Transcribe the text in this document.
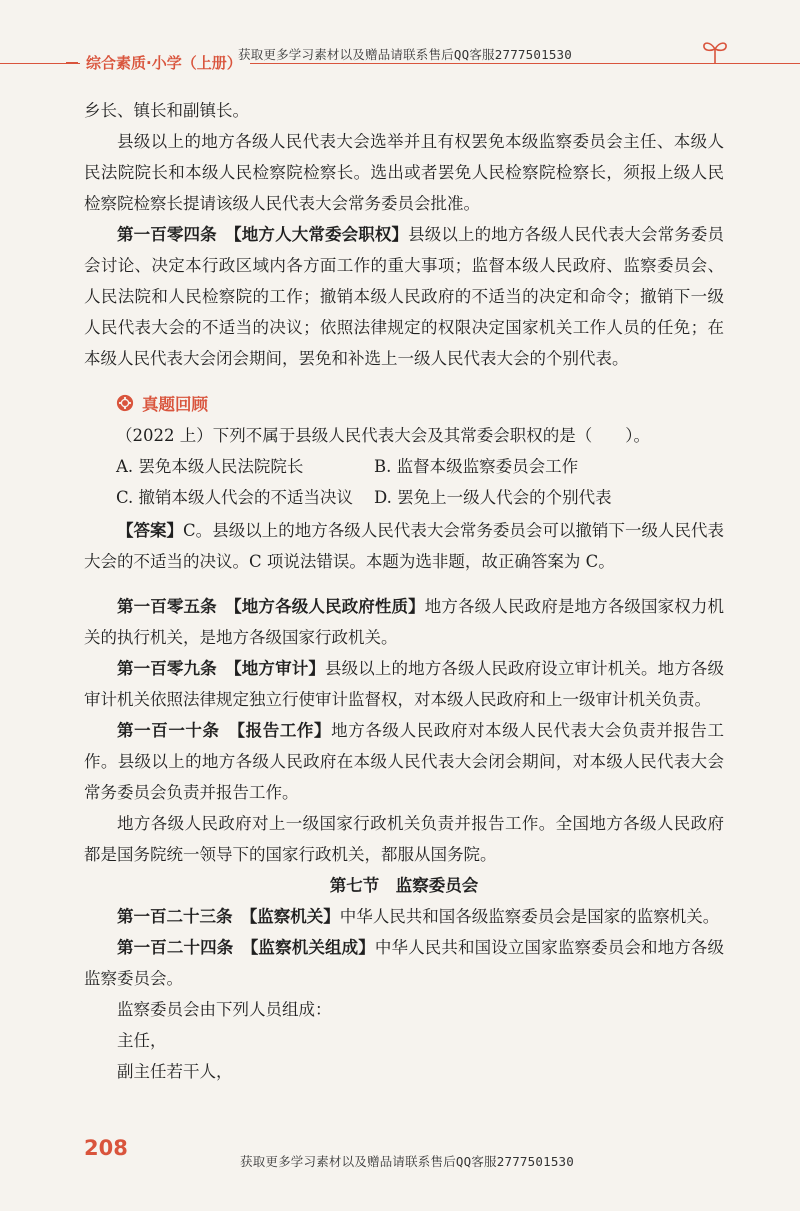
综合素质·小学（上册）
获取更多学习素材以及赠品请联系售后QQ客服2777501530

乡长、镇长和副镇长。

县级以上的地方各级人民代表大会选举并且有权罢免本级监察委员会主任、本级人民法院院长和本级人民检察院检察长。选出或者罢免人民检察院检察长，须报上级人民检察院检察长提请该级人民代表大会常务委员会批准。

第一百零四条　【地方人大常委会职权】县级以上的地方各级人民代表大会常务委员会讨论、决定本行政区域内各方面工作的重大事项；监督本级人民政府、监察委员会、人民法院和人民检察院的工作；撤销本级人民政府的不适当的决定和命令；撤销下一级人民代表大会的不适当的决议；依照法律规定的权限决定国家机关工作人员的任免；在本级人民代表大会闭会期间，罢免和补选上一级人民代表大会的个别代表。

真题回顾

（2022 上）下列不属于县级人民代表大会及其常委会职权的是（　　）。

A. 罢免本级人民法院院长	B. 监督本级监察委员会工作
C. 撤销本级人代会的不适当决议	D. 罢免上一级人代会的个别代表

【答案】C。县级以上的地方各级人民代表大会常务委员会可以撤销下一级人民代表大会的不适当的决议。C 项说法错误。本题为选非题，故正确答案为 C。

第一百零五条　【地方各级人民政府性质】地方各级人民政府是地方各级国家权力机关的执行机关，是地方各级国家行政机关。

第一百零九条　【地方审计】县级以上的地方各级人民政府设立审计机关。地方各级审计机关依照法律规定独立行使审计监督权，对本级人民政府和上一级审计机关负责。

第一百一十条　【报告工作】地方各级人民政府对本级人民代表大会负责并报告工作。县级以上的地方各级人民政府在本级人民代表大会闭会期间，对本级人民代表大会常务委员会负责并报告工作。

地方各级人民政府对上一级国家行政机关负责并报告工作。全国地方各级人民政府都是国务院统一领导下的国家行政机关，都服从国务院。

第七节　监察委员会

第一百二十三条　【监察机关】中华人民共和国各级监察委员会是国家的监察机关。

第一百二十四条　【监察机关组成】中华人民共和国设立国家监察委员会和地方各级监察委员会。

监察委员会由下列人员组成：

主任，

副主任若干人，

208
获取更多学习素材以及赠品请联系售后QQ客服2777501530
